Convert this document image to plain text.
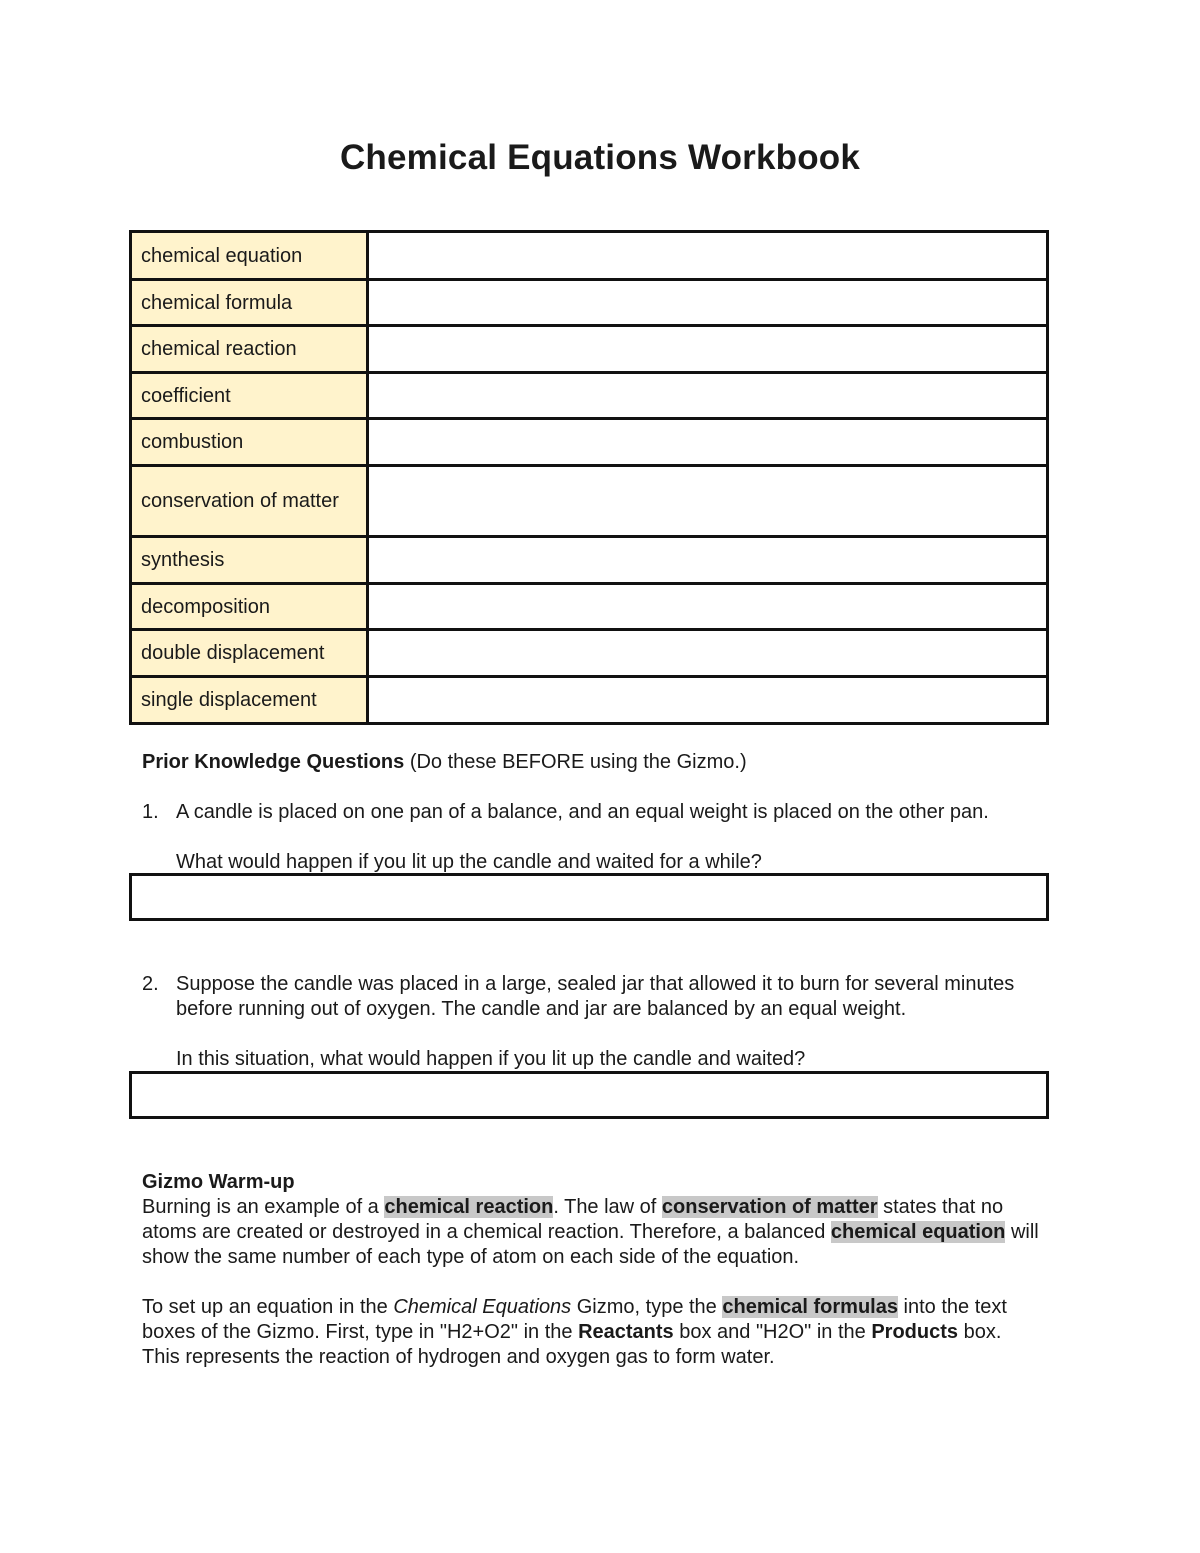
Chemical Equations Workbook
chemical equation	
chemical formula	
chemical reaction	
coefficient	
combustion	
conservation of matter	
synthesis	
decomposition	
double displacement	
single displacement	
Prior Knowledge Questions (Do these BEFORE using the Gizmo.)
1. A candle is placed on one pan of a balance, and an equal weight is placed on the other pan.

What would happen if you lit up the candle and waited for a while?

2. Suppose the candle was placed in a large, sealed jar that allowed it to burn for several minutes before running out of oxygen. The candle and jar are balanced by an equal weight.

In this situation, what would happen if you lit up the candle and waited?

Gizmo Warm-up

Burning is an example of a chemical reaction. The law of conservation of matter states that no atoms are created or destroyed in a chemical reaction. Therefore, a balanced chemical equation will show the same number of each type of atom on each side of the equation.

To set up an equation in the Chemical Equations Gizmo, type the chemical formulas into the text boxes of the Gizmo. First, type in "H2+O2" in the Reactants box and "H2O" in the Products box. This represents the reaction of hydrogen and oxygen gas to form water.
